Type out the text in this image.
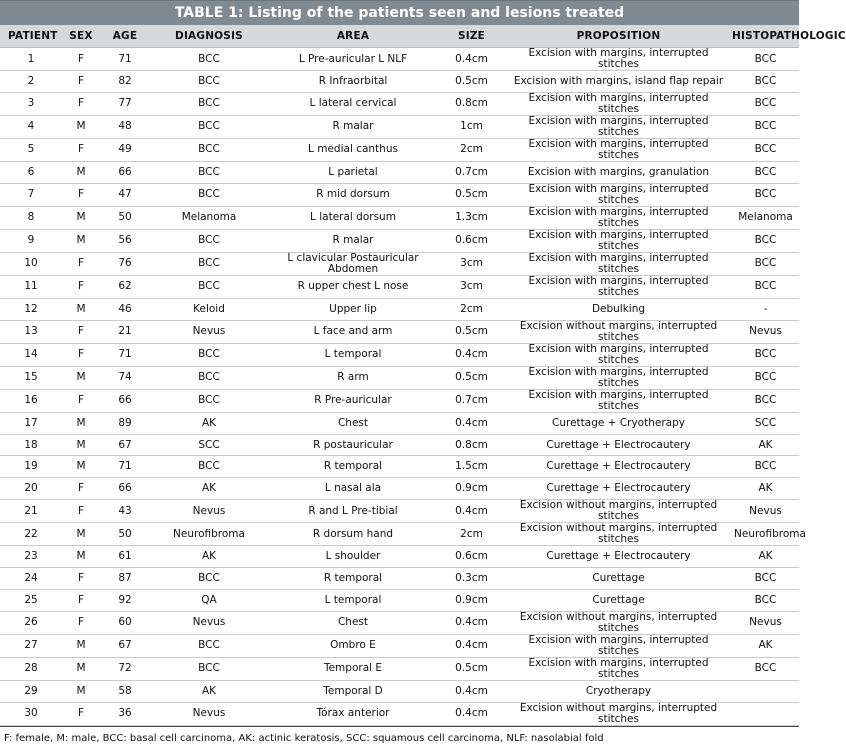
TABLE 1: Listing of the patients seen and lesions treated
PATIENT	SEX	AGE	DIAGNOSIS	AREA	SIZE	PROPOSITION	HISTOPATHOLOGIC
1	F	71	BCC	L Pre-auricular L NLF	0.4cm	Excision with margins, interrupted stitches	BCC
2	F	82	BCC	R Infraorbital	0.5cm	Excision with margins, island flap repair	BCC
3	F	77	BCC	L lateral cervical	0.8cm	Excision with margins, interrupted stitches	BCC
4	M	48	BCC	R malar	1cm	Excision with margins, interrupted stitches	BCC
5	F	49	BCC	L medial canthus	2cm	Excision with margins, interrupted stitches	BCC
6	M	66	BCC	L parietal	0.7cm	Excision with margins, granulation	BCC
7	F	47	BCC	R mid dorsum	0.5cm	Excision with margins, interrupted stitches	BCC
8	M	50	Melanoma	L lateral dorsum	1.3cm	Excision with margins, interrupted stitches	Melanoma
9	M	56	BCC	R malar	0.6cm	Excision with margins, interrupted stitches	BCC
10	F	76	BCC	L clavicular Postauricular Abdomen	3cm	Excision with margins, interrupted stitches	BCC
11	F	62	BCC	R upper chest L nose	3cm	Excision with margins, interrupted stitches	BCC
12	M	46	Keloid	Upper lip	2cm	Debulking	-
13	F	21	Nevus	L face and arm	0.5cm	Excision without margins, interrupted stitches	Nevus
14	F	71	BCC	L temporal	0.4cm	Excision with margins, interrupted stitches	BCC
15	M	74	BCC	R arm	0.5cm	Excision with margins, interrupted stitches	BCC
16	F	66	BCC	R Pre-auricular	0.7cm	Excision with margins, interrupted stitches	BCC
17	M	89	AK	Chest	0.4cm	Curettage + Cryotherapy	SCC
18	M	67	SCC	R postauricular	0.8cm	Curettage + Electrocautery	AK
19	M	71	BCC	R temporal	1.5cm	Curettage + Electrocautery	BCC
20	F	66	AK	L nasal ala	0.9cm	Curettage + Electrocautery	AK
21	F	43	Nevus	R and L Pre-tibial	0.4cm	Excision without margins, interrupted stitches	Nevus
22	M	50	Neurofibroma	R dorsum hand	2cm	Excision without margins, interrupted stitches	Neurofibroma
23	M	61	AK	L shoulder	0.6cm	Curettage + Electrocautery	AK
24	F	87	BCC	R temporal	0.3cm	Curettage	BCC
25	F	92	QA	L temporal	0.9cm	Curettage	BCC
26	F	60	Nevus	Chest	0.4cm	Excision without margins, interrupted stitches	Nevus
27	M	67	BCC	Ombro E	0.4cm	Excision with margins, interrupted stitches	AK
28	M	72	BCC	Temporal E	0.5cm	Excision with margins, interrupted stitches	BCC
29	M	58	AK	Temporal D	0.4cm	Cryotherapy	
30	F	36	Nevus	Tórax anterior	0.4cm	Excision without margins, interrupted stitches	
F: female, M: male, BCC: basal cell carcinoma, AK: actinic keratosis, SCC: squamous cell carcinoma, NLF: nasolabial fold
